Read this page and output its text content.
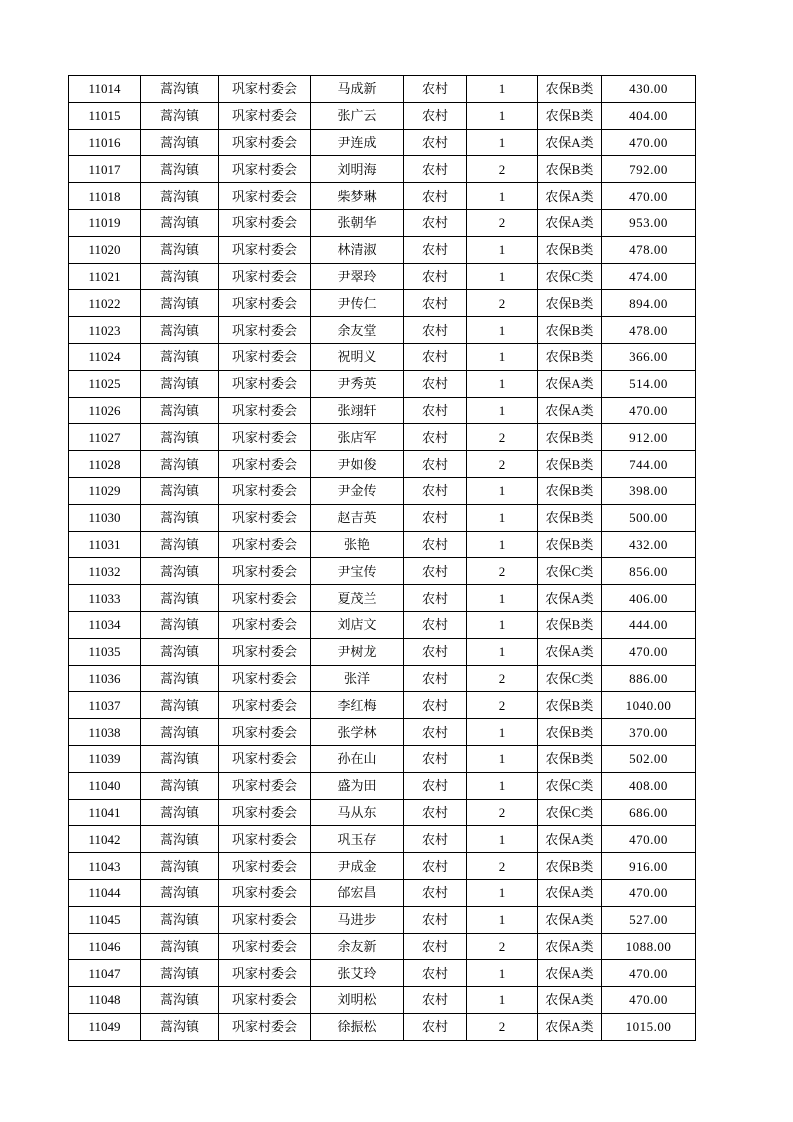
11014	蒿沟镇	巩家村委会	马成新	农村	1	农保B类	430.00
11015	蒿沟镇	巩家村委会	张广云	农村	1	农保B类	404.00
11016	蒿沟镇	巩家村委会	尹连成	农村	1	农保A类	470.00
11017	蒿沟镇	巩家村委会	刘明海	农村	2	农保B类	792.00
11018	蒿沟镇	巩家村委会	柴梦琳	农村	1	农保A类	470.00
11019	蒿沟镇	巩家村委会	张朝华	农村	2	农保A类	953.00
11020	蒿沟镇	巩家村委会	林清淑	农村	1	农保B类	478.00
11021	蒿沟镇	巩家村委会	尹翠玲	农村	1	农保C类	474.00
11022	蒿沟镇	巩家村委会	尹传仁	农村	2	农保B类	894.00
11023	蒿沟镇	巩家村委会	余友堂	农村	1	农保B类	478.00
11024	蒿沟镇	巩家村委会	祝明义	农村	1	农保B类	366.00
11025	蒿沟镇	巩家村委会	尹秀英	农村	1	农保A类	514.00
11026	蒿沟镇	巩家村委会	张翊轩	农村	1	农保A类	470.00
11027	蒿沟镇	巩家村委会	张店军	农村	2	农保B类	912.00
11028	蒿沟镇	巩家村委会	尹如俊	农村	2	农保B类	744.00
11029	蒿沟镇	巩家村委会	尹金传	农村	1	农保B类	398.00
11030	蒿沟镇	巩家村委会	赵吉英	农村	1	农保B类	500.00
11031	蒿沟镇	巩家村委会	张艳	农村	1	农保B类	432.00
11032	蒿沟镇	巩家村委会	尹宝传	农村	2	农保C类	856.00
11033	蒿沟镇	巩家村委会	夏茂兰	农村	1	农保A类	406.00
11034	蒿沟镇	巩家村委会	刘店文	农村	1	农保B类	444.00
11035	蒿沟镇	巩家村委会	尹树龙	农村	1	农保A类	470.00
11036	蒿沟镇	巩家村委会	张洋	农村	2	农保C类	886.00
11037	蒿沟镇	巩家村委会	李红梅	农村	2	农保B类	1040.00
11038	蒿沟镇	巩家村委会	张学林	农村	1	农保B类	370.00
11039	蒿沟镇	巩家村委会	孙在山	农村	1	农保B类	502.00
11040	蒿沟镇	巩家村委会	盛为田	农村	1	农保C类	408.00
11041	蒿沟镇	巩家村委会	马从东	农村	2	农保C类	686.00
11042	蒿沟镇	巩家村委会	巩玉存	农村	1	农保A类	470.00
11043	蒿沟镇	巩家村委会	尹成金	农村	2	农保B类	916.00
11044	蒿沟镇	巩家村委会	邰宏昌	农村	1	农保A类	470.00
11045	蒿沟镇	巩家村委会	马进步	农村	1	农保A类	527.00
11046	蒿沟镇	巩家村委会	余友新	农村	2	农保A类	1088.00
11047	蒿沟镇	巩家村委会	张艾玲	农村	1	农保A类	470.00
11048	蒿沟镇	巩家村委会	刘明松	农村	1	农保A类	470.00
11049	蒿沟镇	巩家村委会	徐振松	农村	2	农保A类	1015.00
